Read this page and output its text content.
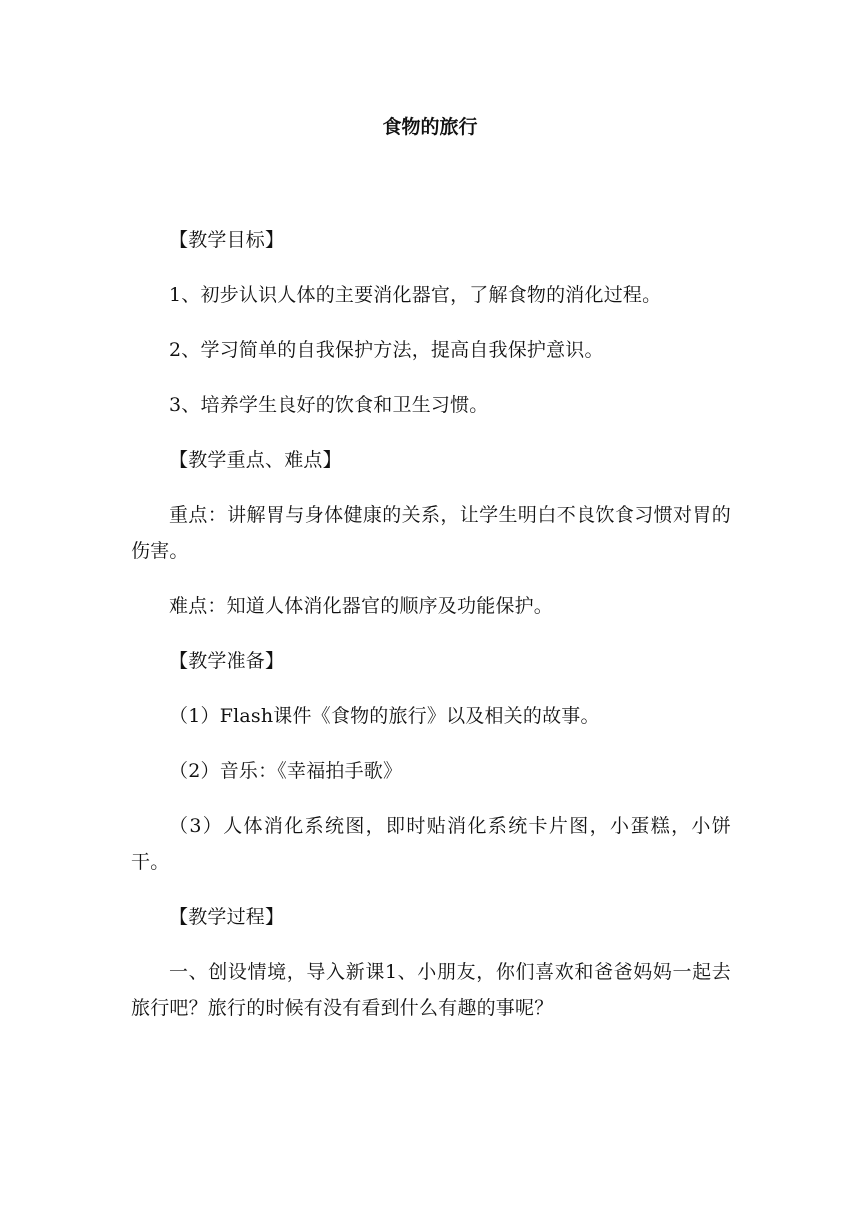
食物的旅行

【教学目标】

1、初步认识人体的主要消化器官，了解食物的消化过程。

2、学习简单的自我保护方法，提高自我保护意识。

3、培养学生良好的饮食和卫生习惯。

【教学重点、难点】

重点：讲解胃与身体健康的关系，让学生明白不良饮食习惯对胃的伤害。

难点：知道人体消化器官的顺序及功能保护。

【教学准备】

（1）Flash课件《食物的旅行》以及相关的故事。

（2）音乐：《幸福拍手歌》

（3）人体消化系统图，即时贴消化系统卡片图，小蛋糕，小饼干。

【教学过程】

一、创设情境，导入新课1、小朋友，你们喜欢和爸爸妈妈一起去旅行吧？旅行的时候有没有看到什么有趣的事呢？
